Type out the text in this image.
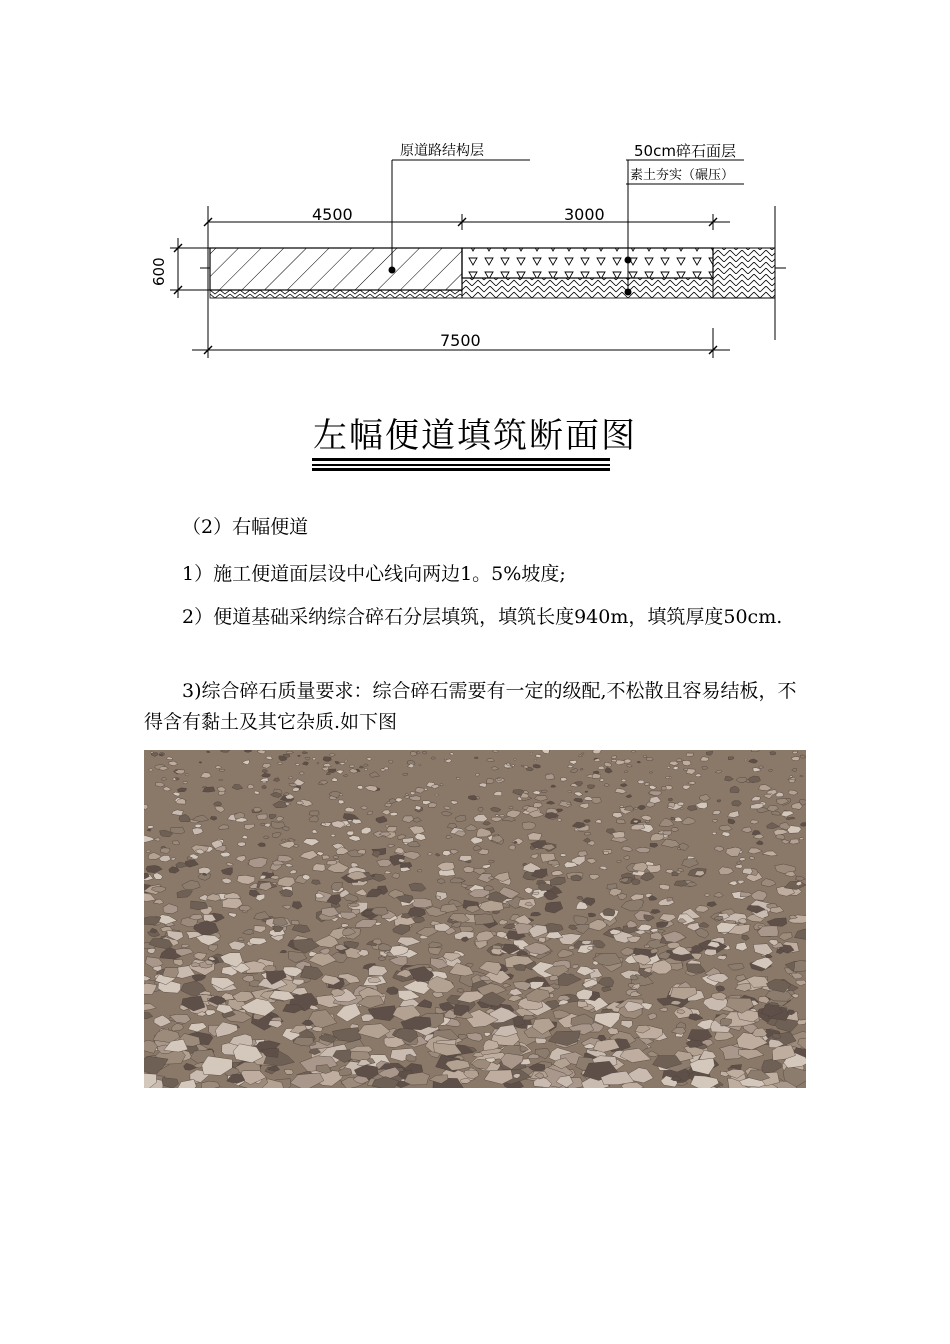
原道路结构层	50cm碎石面层
素土夯实（碾压）
4500	3000
600
7500
左幅便道填筑断面图
（2）右幅便道
1）施工便道面层设中心线向两边1。5%坡度;
2）便道基础采纳综合碎石分层填筑，填筑长度940m，填筑厚度50cm.
3)综合碎石质量要求：综合碎石需要有一定的级配,不松散且容易结板，不得含有黏土及其它杂质.如下图
